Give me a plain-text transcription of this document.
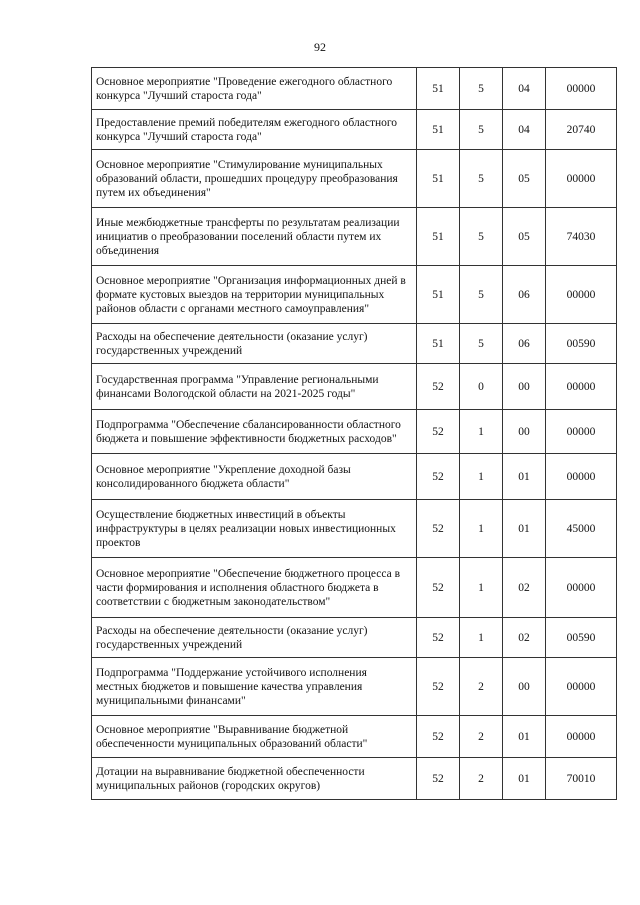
92
Основное мероприятие "Проведение ежегодного областного конкурса "Лучший староста года"	51	5	04	00000
Предоставление премий победителям ежегодного областного конкурса "Лучший староста года"	51	5	04	20740
Основное мероприятие "Стимулирование муниципальных образований области, прошедших процедуру преобразования путем их объединения"	51	5	05	00000
Иные межбюджетные трансферты по результатам реализации инициатив о преобразовании поселений области путем их объединения	51	5	05	74030
Основное мероприятие "Организация информационных дней в формате кустовых выездов на территории муниципальных районов области с органами местного самоуправления"	51	5	06	00000
Расходы на обеспечение деятельности (оказание услуг) государственных учреждений	51	5	06	00590
Государственная программа "Управление региональными финансами Вологодской области на 2021-2025 годы"	52	0	00	00000
Подпрограмма "Обеспечение сбалансированности областного бюджета и повышение эффективности бюджетных расходов"	52	1	00	00000
Основное мероприятие "Укрепление доходной базы консолидированного бюджета области"	52	1	01	00000
Осуществление бюджетных инвестиций в объекты инфраструктуры в целях реализации новых инвестиционных проектов	52	1	01	45000
Основное мероприятие "Обеспечение бюджетного процесса в части формирования и исполнения областного бюджета в соответствии с бюджетным законодательством"	52	1	02	00000
Расходы на обеспечение деятельности (оказание услуг) государственных учреждений	52	1	02	00590
Подпрограмма "Поддержание устойчивого исполнения местных бюджетов и повышение качества управления муниципальными финансами"	52	2	00	00000
Основное мероприятие "Выравнивание бюджетной обеспеченности муниципальных образований области"	52	2	01	00000
Дотации на выравнивание бюджетной обеспеченности муниципальных районов (городских округов)	52	2	01	70010
